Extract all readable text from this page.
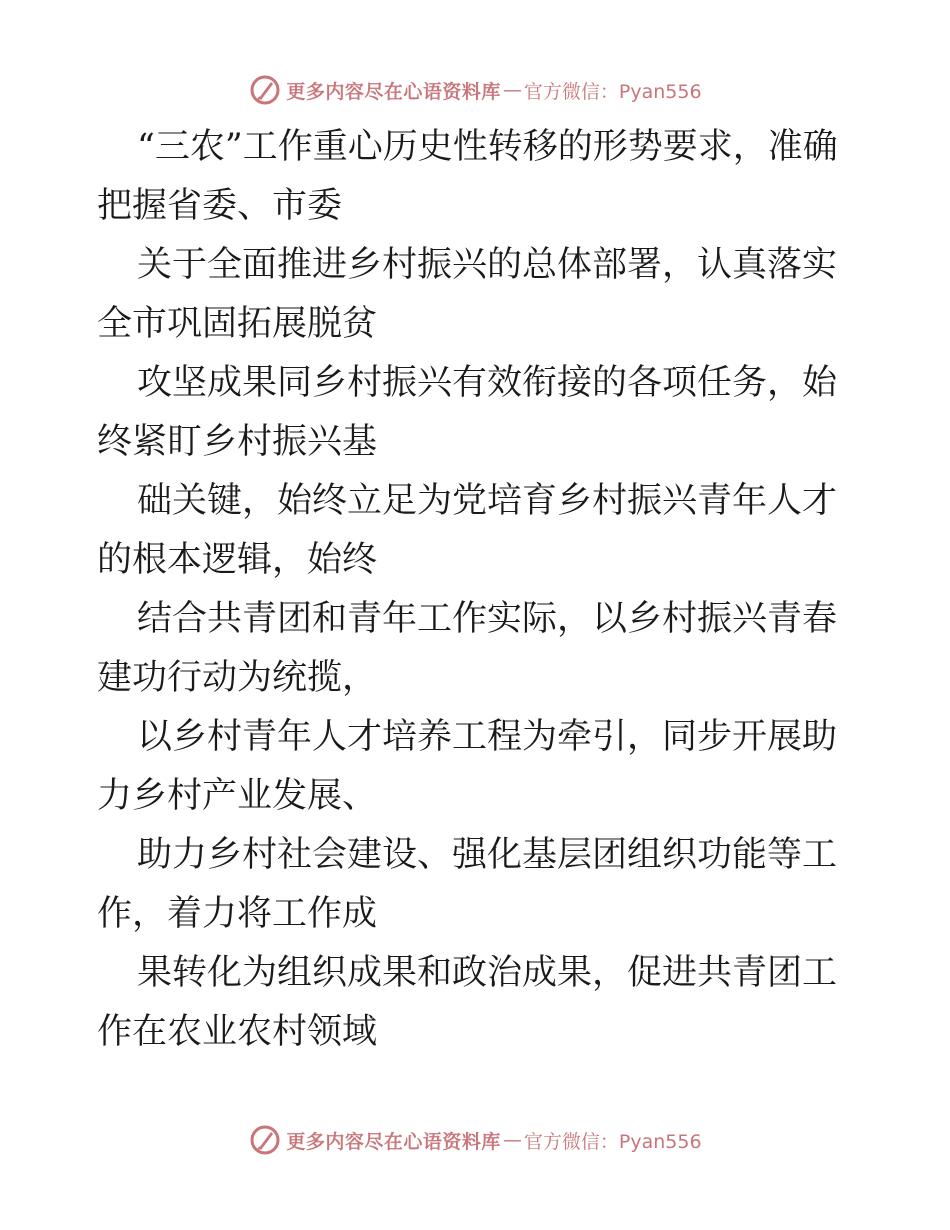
更多内容尽在心语资料库 — 官方微信：Pyan556

“三农”工作重心历史性转移的形势要求，准确把握省委、市委

关于全面推进乡村振兴的总体部署，认真落实全市巩固拓展脱贫

攻坚成果同乡村振兴有效衔接的各项任务，始终紧盯乡村振兴基

础关键，始终立足为党培育乡村振兴青年人才的根本逻辑，始终

结合共青团和青年工作实际，以乡村振兴青春建功行动为统揽，

以乡村青年人才培养工程为牵引，同步开展助力乡村产业发展、

助力乡村社会建设、强化基层团组织功能等工作，着力将工作成

果转化为组织成果和政治成果，促进共青团工作在农业农村领域

更多内容尽在心语资料库 — 官方微信：Pyan556
